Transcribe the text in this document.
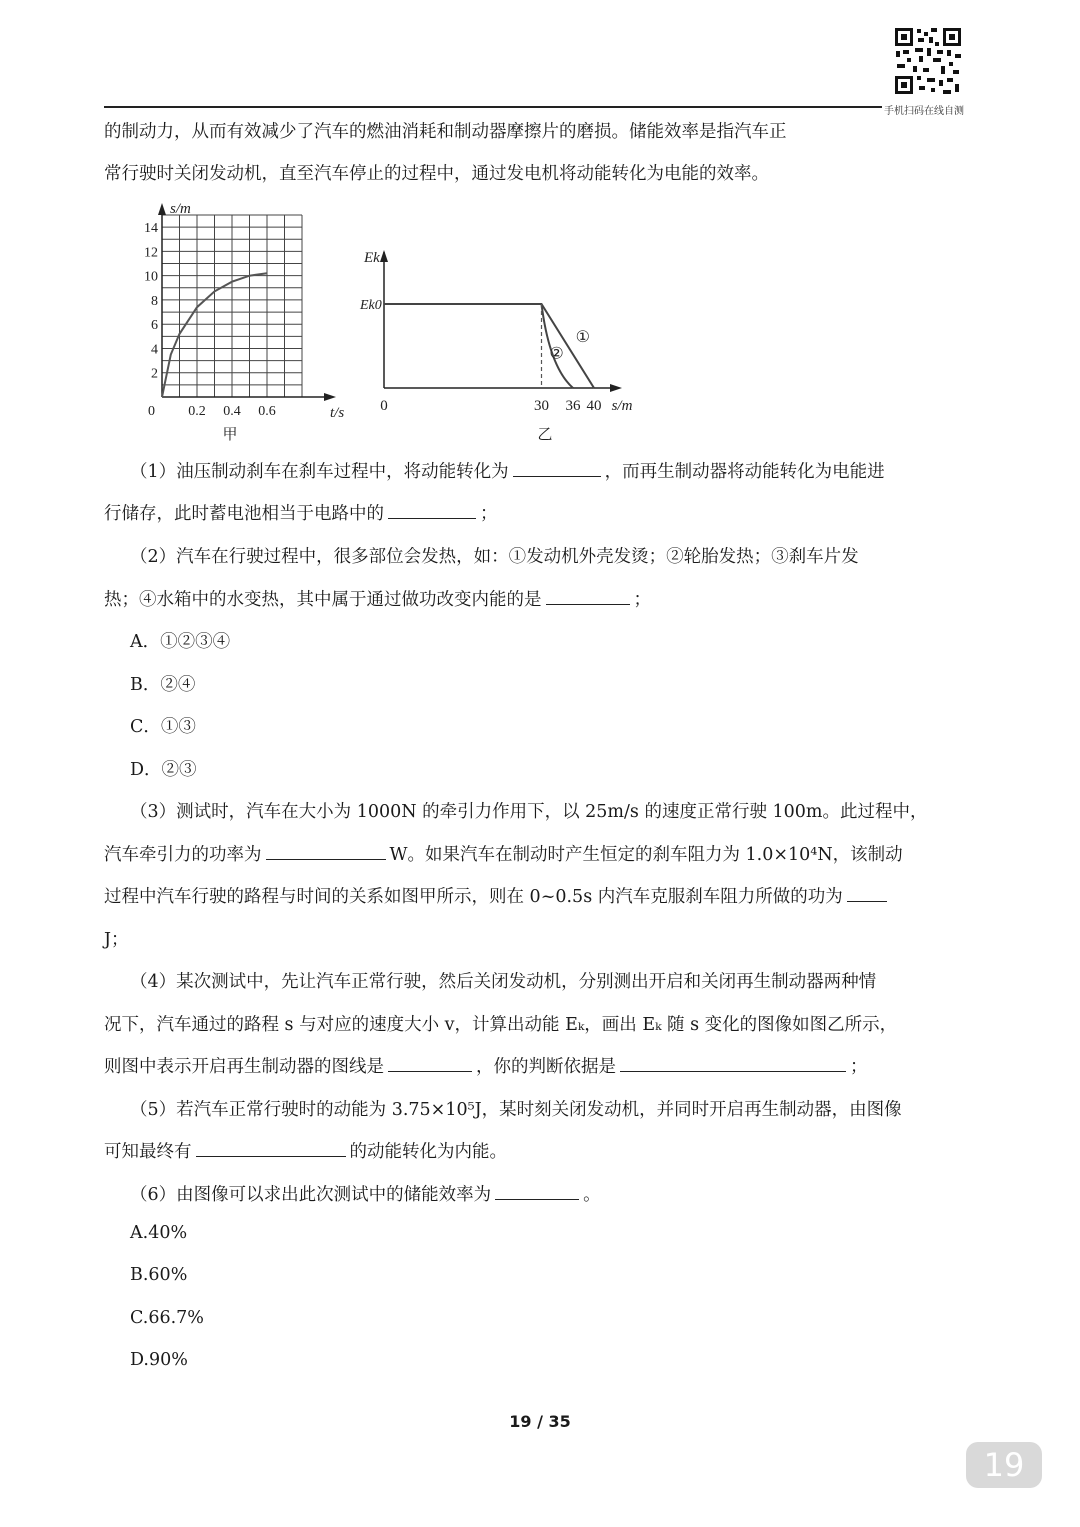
手机扫码在线自测
的制动力，从而有效减少了汽车的燃油消耗和制动器摩擦片的磨损。储能效率是指汽车正
常行驶时关闭发动机，直至汽车停止的过程中，通过发电机将动能转化为电能的效率。
2
4
6
8
10
12
14
0 0.2 0.4 0.6
s/m
t/s
甲
Ek
Ek0
0	30 36 40 s/m
①
②
乙
（1）油压制动刹车在刹车过程中，将动能转化为	，而再生制动器将动能转化为电能进
行储存，此时蓄电池相当于电路中的	；
（2）汽车在行驶过程中，很多部位会发热，如：①发动机外壳发烫；②轮胎发热；③刹车片发
热；④水箱中的水变热，其中属于通过做功改变内能的是	；
A．①②③④
B．②④
C．①③
D．②③
（3）测试时，汽车在大小为 1000N 的牵引力作用下，以 25m/s 的速度正常行驶 100m。此过程中，
汽车牵引力的功率为	W。如果汽车在制动时产生恒定的刹车阻力为 1.0×10⁴N，该制动
过程中汽车行驶的路程与时间的关系如图甲所示，则在 0~0.5s 内汽车克服刹车阻力所做的功为
J；
（4）某次测试中，先让汽车正常行驶，然后关闭发动机，分别测出开启和关闭再生制动器两种情
况下，汽车通过的路程 s 与对应的速度大小 v，计算出动能 Eₖ，画出 Eₖ 随 s 变化的图像如图乙所示，
则图中表示开启再生制动器的图线是	，你的判断依据是	；
（5）若汽车正常行驶时的动能为 3.75×10⁵J，某时刻关闭发动机，并同时开启再生制动器，由图像
可知最终有	的动能转化为内能。
（6）由图像可以求出此次测试中的储能效率为	。
A.40%
B.60%
C.66.7%
D.90%
19 / 35
19
